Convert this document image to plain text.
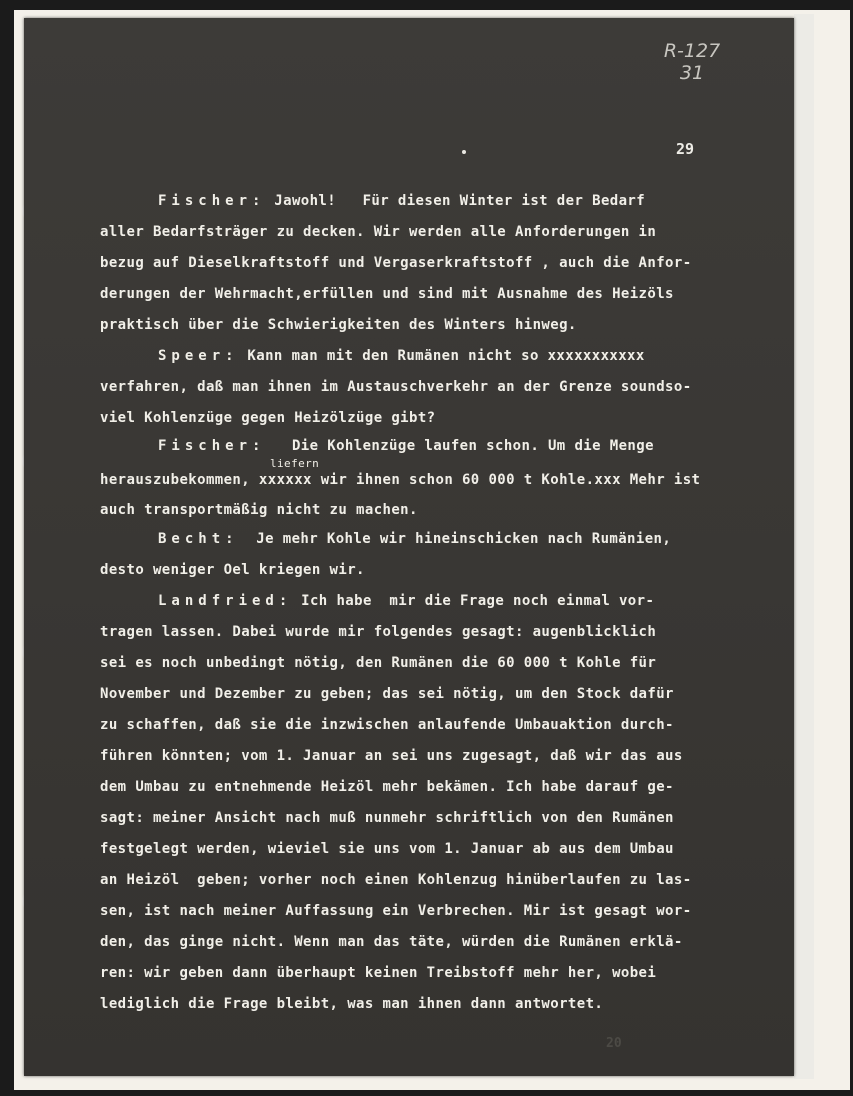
R-127
31
29
Fischer: Jawohl!   Für diesen Winter ist der Bedarf
aller Bedarfsträger zu decken. Wir werden alle Anforderungen in
bezug auf Dieselkraftstoff und Vergaserkraftstoff , auch die Anfor-
derungen der Wehrmacht,erfüllen und sind mit Ausnahme des Heizöls
praktisch über die Schwierigkeiten des Winters hinweg.
Speer: Kann man mit den Rumänen nicht so xxxxxxxxxxx
verfahren, daß man ihnen im Austauschverkehr an der Grenze soundso-
viel Kohlenzüge gegen Heizölzüge gibt?
Fischer:   Die Kohlenzüge laufen schon. Um die Menge
liefern
herauszubekommen, xxxxxx wir ihnen schon 60 000 t Kohle.xxx Mehr ist
auch transportmäßig nicht zu machen.
Becht:  Je mehr Kohle wir hineinschicken nach Rumänien,
desto weniger Oel kriegen wir.
Landfried: Ich habe  mir die Frage noch einmal vor-
tragen lassen. Dabei wurde mir folgendes gesagt: augenblicklich
sei es noch unbedingt nötig, den Rumänen die 60 000 t Kohle für
November und Dezember zu geben; das sei nötig, um den Stock dafür
zu schaffen, daß sie die inzwischen anlaufende Umbauaktion durch-
führen könnten; vom 1. Januar an sei uns zugesagt, daß wir das aus
dem Umbau zu entnehmende Heizöl mehr bekämen. Ich habe darauf ge-
sagt: meiner Ansicht nach muß nunmehr schriftlich von den Rumänen
festgelegt werden, wieviel sie uns vom 1. Januar ab aus dem Umbau
an Heizöl  geben; vorher noch einen Kohlenzug hinüberlaufen zu las-
sen, ist nach meiner Auffassung ein Verbrechen. Mir ist gesagt wor-
den, das ginge nicht. Wenn man das täte, würden die Rumänen erklä-
ren: wir geben dann überhaupt keinen Treibstoff mehr her, wobei
lediglich die Frage bleibt, was man ihnen dann antwortet.
20
